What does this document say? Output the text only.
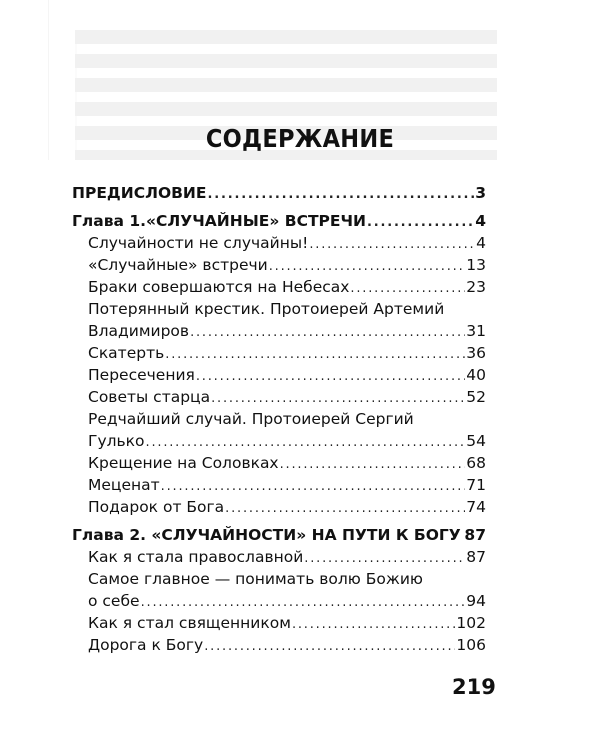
СОДЕРЖАНИЕ
ПРЕДИСЛОВИЕ .....	3
Глава 1.«СЛУЧАЙНЫЕ» ВСТРЕЧИ .....	4
Случайности не случайны! .....	4
«Случайные» встречи .....	13
Браки совершаются на Небесах .....	23
Потерянный крестик. Протоиерей Артемий
Владимиров .....	31
Скатерть .....	36
Пересечения .....	40
Советы старца .....	52
Редчайший случай. Протоиерей Сергий
Гулько .....	54
Крещение на Соловках .....	68
Меценат .....	71
Подарок от Бога .....	74
Глава 2. «СЛУЧАЙНОСТИ» НА ПУТИ К БОГУ ..... 87
Как я стала православной .....	87
Самое главное — понимать волю Божию
о себе .....	94
Как я стал священником .....	102
Дорога к Богу .....	106
219
